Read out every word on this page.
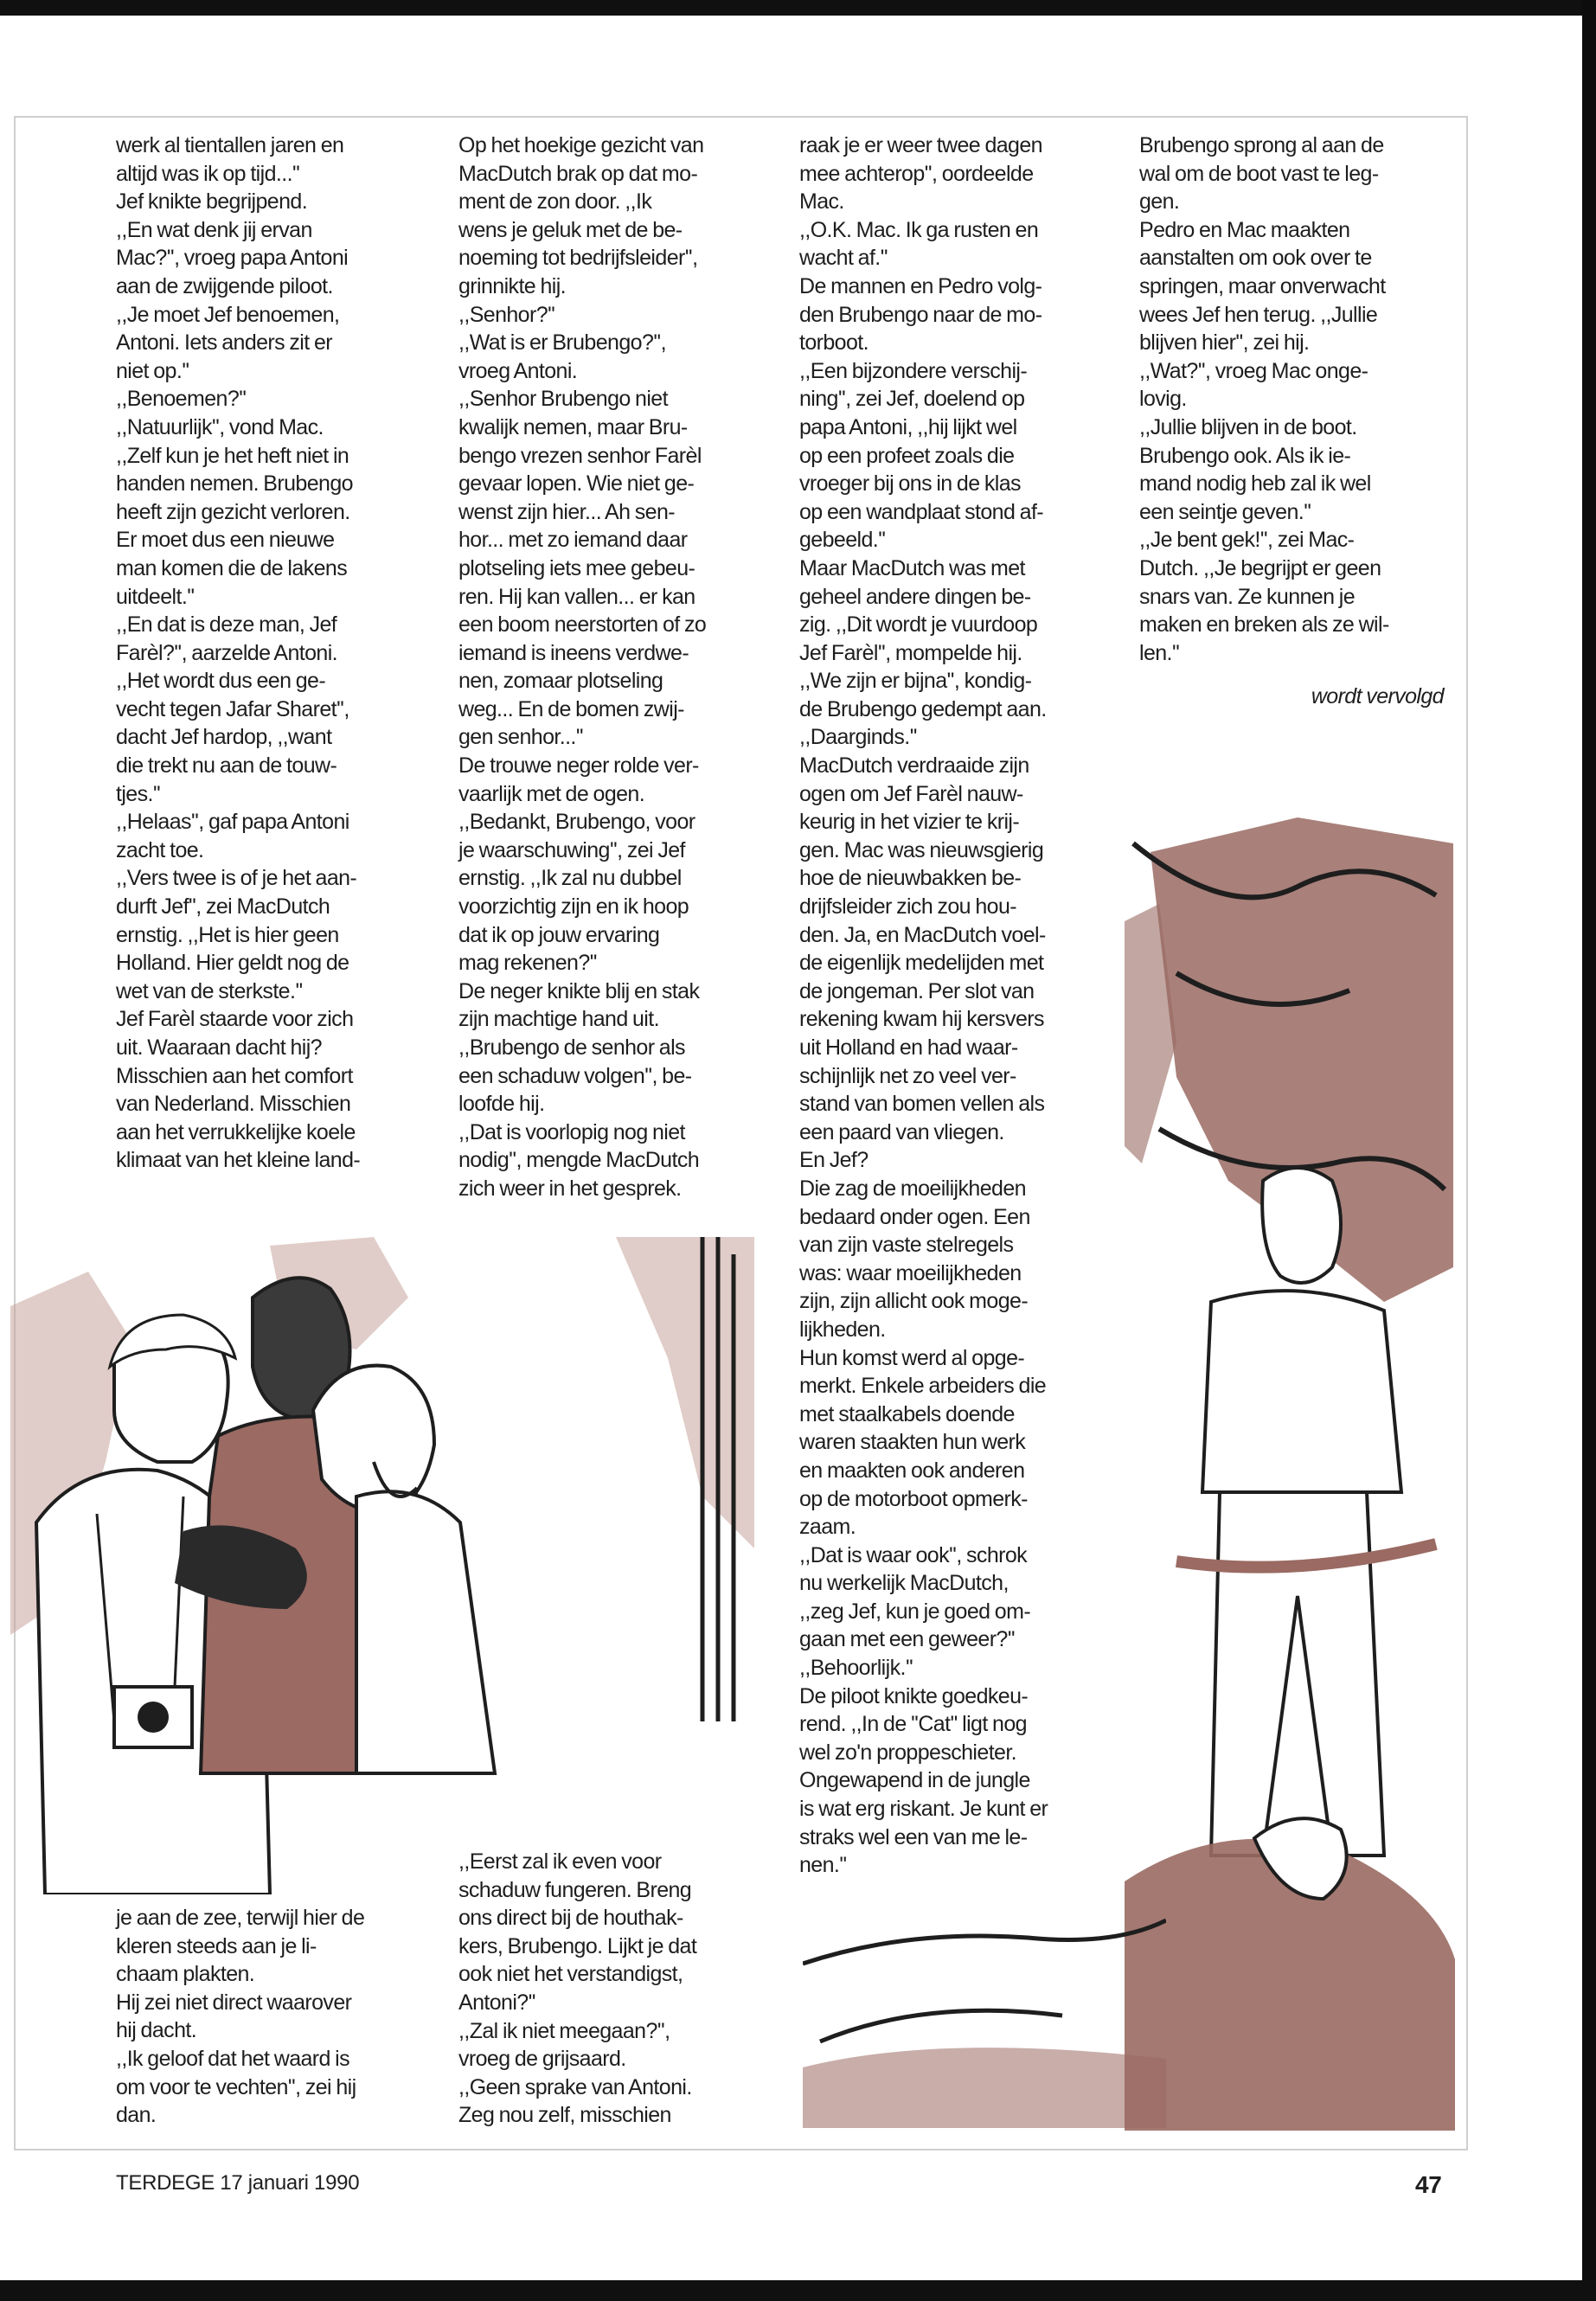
werk al tientallen jaren en

altijd was ik op tijd...''

Jef knikte begrijpend.

,,En wat denk jij ervan

Mac?'', vroeg papa Antoni

aan de zwijgende piloot.

,,Je moet Jef benoemen,

Antoni. Iets anders zit er

niet op.''

,,Benoemen?''

,,Natuurlijk'', vond Mac.

,,Zelf kun je het heft niet in

handen nemen. Brubengo

heeft zijn gezicht verloren.

Er moet dus een nieuwe

man komen die de lakens

uitdeelt.''

,,En dat is deze man, Jef

Farèl?'', aarzelde Antoni.

,,Het wordt dus een ge-

vecht tegen Jafar Sharet'',

dacht Jef hardop, ,,want

die trekt nu aan de touw-

tjes.''

,,Helaas'', gaf papa Antoni

zacht toe.

,,Vers twee is of je het aan-

durft Jef'', zei MacDutch

ernstig. ,,Het is hier geen

Holland. Hier geldt nog de

wet van de sterkste.''

Jef Farèl staarde voor zich

uit. Waaraan dacht hij?

Misschien aan het comfort

van Nederland. Misschien

aan het verrukkelijke koele

klimaat van het kleine land-

je aan de zee, terwijl hier de

kleren steeds aan je li-

chaam plakten.

Hij zei niet direct waarover

hij dacht.

,,Ik geloof dat het waard is

om voor te vechten'', zei hij

dan.

Op het hoekige gezicht van

MacDutch brak op dat mo-

ment de zon door. ,,Ik

wens je geluk met de be-

noeming tot bedrijfsleider'',

grinnikte hij.

,,Senhor?''

,,Wat is er Brubengo?'',

vroeg Antoni.

,,Senhor Brubengo niet

kwalijk nemen, maar Bru-

bengo vrezen senhor Farèl

gevaar lopen. Wie niet ge-

wenst zijn hier... Ah sen-

hor... met zo iemand daar

plotseling iets mee gebeu-

ren. Hij kan vallen... er kan

een boom neerstorten of zo

iemand is ineens verdwe-

nen, zomaar plotseling

weg... En de bomen zwij-

gen senhor...''

De trouwe neger rolde ver-

vaarlijk met de ogen.

,,Bedankt, Brubengo, voor

je waarschuwing'', zei Jef

ernstig. ,,Ik zal nu dubbel

voorzichtig zijn en ik hoop

dat ik op jouw ervaring

mag rekenen?''

De neger knikte blij en stak

zijn machtige hand uit.

,,Brubengo de senhor als

een schaduw volgen'', be-

loofde hij.

,,Dat is voorlopig nog niet

nodig'', mengde MacDutch

zich weer in het gesprek.

,,Eerst zal ik even voor

schaduw fungeren. Breng

ons direct bij de houthak-

kers, Brubengo. Lijkt je dat

ook niet het verstandigst,

Antoni?''

,,Zal ik niet meegaan?'',

vroeg de grijsaard.

,,Geen sprake van Antoni.

Zeg nou zelf, misschien

raak je er weer twee dagen

mee achterop'', oordeelde

Mac.

,,O.K. Mac. Ik ga rusten en

wacht af.''

De mannen en Pedro volg-

den Brubengo naar de mo-

torboot.

,,Een bijzondere verschij-

ning'', zei Jef, doelend op

papa Antoni, ,,hij lijkt wel

op een profeet zoals die

vroeger bij ons in de klas

op een wandplaat stond af-

gebeeld.''

Maar MacDutch was met

geheel andere dingen be-

zig. ,,Dit wordt je vuurdoop

Jef Farèl'', mompelde hij.

,,We zijn er bijna'', kondig-

de Brubengo gedempt aan.

,,Daarginds.''

MacDutch verdraaide zijn

ogen om Jef Farèl nauw-

keurig in het vizier te krij-

gen. Mac was nieuwsgierig

hoe de nieuwbakken be-

drijfsleider zich zou hou-

den. Ja, en MacDutch voel-

de eigenlijk medelijden met

de jongeman. Per slot van

rekening kwam hij kersvers

uit Holland en had waar-

schijnlijk net zo veel ver-

stand van bomen vellen als

een paard van vliegen.

En Jef?

Die zag de moeilijkheden

bedaard onder ogen. Een

van zijn vaste stelregels

was: waar moeilijkheden

zijn, zijn allicht ook moge-

lijkheden.

Hun komst werd al opge-

merkt. Enkele arbeiders die

met staalkabels doende

waren staakten hun werk

en maakten ook anderen

op de motorboot opmerk-

zaam.

,,Dat is waar ook'', schrok

nu werkelijk MacDutch,

,,zeg Jef, kun je goed om-

gaan met een geweer?''

,,Behoorlijk.''

De piloot knikte goedkeu-

rend. ,,In de ''Cat'' ligt nog

wel zo'n proppeschieter.

Ongewapend in de jungle

is wat erg riskant. Je kunt er

straks wel een van me le-

nen.''

Brubengo sprong al aan de

wal om de boot vast te leg-

gen.

Pedro en Mac maakten

aanstalten om ook over te

springen, maar onverwacht

wees Jef hen terug. ,,Jullie

blijven hier'', zei hij.

,,Wat?'', vroeg Mac onge-

lovig.

,,Jullie blijven in de boot.

Brubengo ook. Als ik ie-

mand nodig heb zal ik wel

een seintje geven.''

,,Je bent gek!'', zei Mac-

Dutch. ,,Je begrijpt er geen

snars van. Ze kunnen je

maken en breken als ze wil-

len.''

wordt vervolgd

TERDEGE 17 januari 1990	47
